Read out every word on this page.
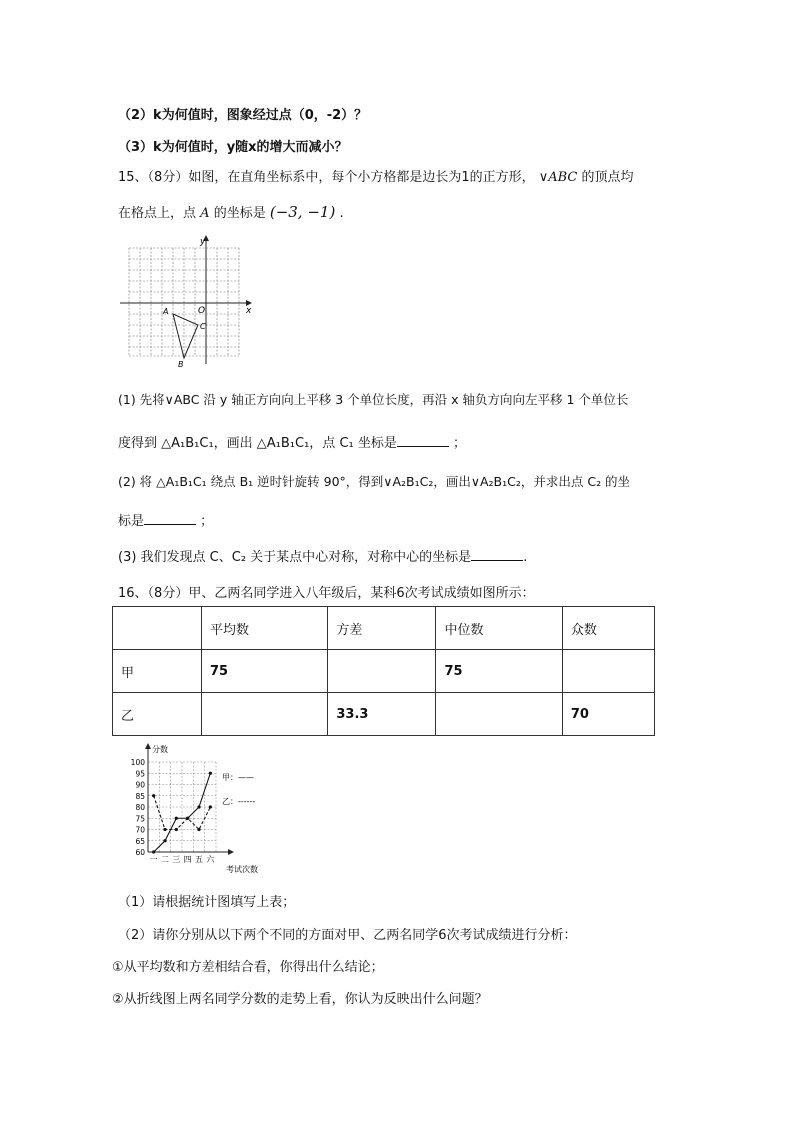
（2）k为何值时，图象经过点（0，-2）？
（3）k为何值时，y随x的增大而减小？
15、（8分）如图，在直角坐标系中，每个小方格都是边长为1的正方形， ∨ABC 的顶点均
在格点上，点 A 的坐标是 (−3, −1) .
y
x
O
A
B
C
(1) 先将∨ABC 沿 y 轴正方向向上平移 3 个单位长度，再沿 x 轴负方向向左平移 1 个单位长
度得到 △A₁B₁C₁，画出 △A₁B₁C₁，点 C₁ 坐标是	；
(2) 将 △A₁B₁C₁ 绕点 B₁ 逆时针旋转 90°，得到∨A₂B₁C₂，画出∨A₂B₁C₂，并求出点 C₂ 的坐
标是	；
(3) 我们发现点 C、C₂ 关于某点中心对称，对称中心的坐标是	.
16、（8分）甲、乙两名同学进入八年级后，某科6次考试成绩如图所示：
	平均数	方差	中位数	众数
甲	75		75	
乙		33.3		70
分数
考试次数
60
65
70
75
80
85
90
95
100
一 二 三 四 五 六
甲：——
乙：------
（1）请根据统计图填写上表；
（2）请你分别从以下两个不同的方面对甲、乙两名同学6次考试成绩进行分析：
①从平均数和方差相结合看，你得出什么结论；
②从折线图上两名同学分数的走势上看，你认为反映出什么问题？
